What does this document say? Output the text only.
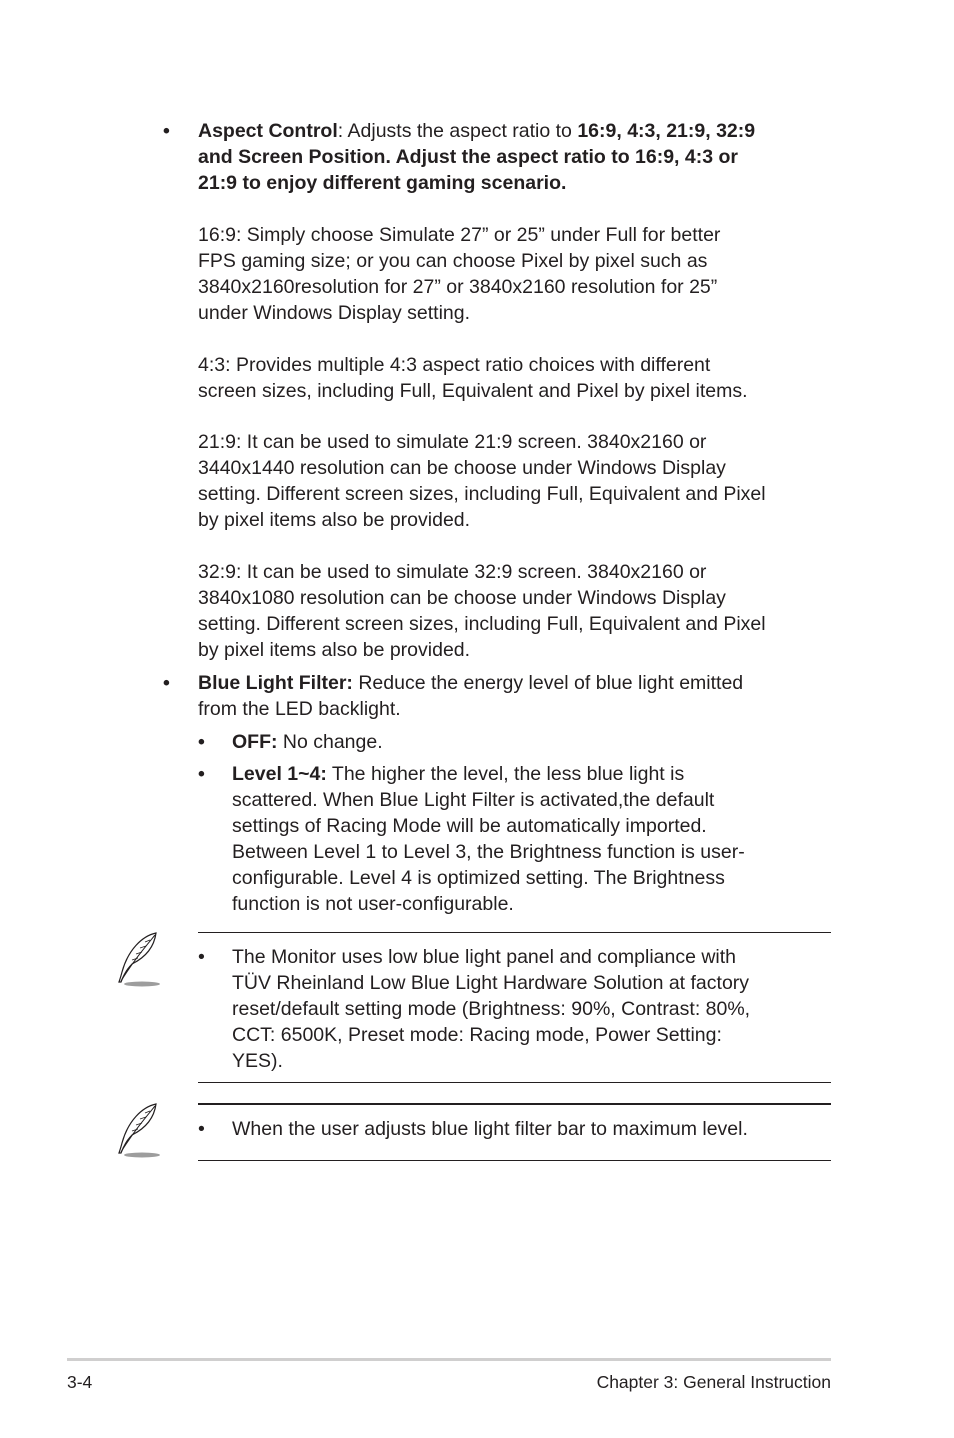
• Aspect Control: Adjusts the aspect ratio to 16:9, 4:3, 21:9, 32:9
and Screen Position. Adjust the aspect ratio to 16:9, 4:3 or
21:9 to enjoy different gaming scenario.
16:9: Simply choose Simulate 27” or 25” under Full for better
FPS gaming size; or you can choose Pixel by pixel such as
3840x2160resolution for 27” or 3840x2160 resolution for 25”
under Windows Display setting.
4:3: Provides multiple 4:3 aspect ratio choices with different
screen sizes, including Full, Equivalent and Pixel by pixel items.
21:9: It can be used to simulate 21:9 screen. 3840x2160 or
3440x1440 resolution can be choose under Windows Display
setting. Different screen sizes, including Full, Equivalent and Pixel
by pixel items also be provided.
32:9: It can be used to simulate 32:9 screen. 3840x2160 or
3840x1080 resolution can be choose under Windows Display
setting. Different screen sizes, including Full, Equivalent and Pixel
by pixel items also be provided.
• Blue Light Filter: Reduce the energy level of blue light emitted
from the LED backlight.
• OFF: No change.
• Level 1~4: The higher the level, the less blue light is
scattered. When Blue Light Filter is activated,the default
settings of Racing Mode will be automatically imported.
Between Level 1 to Level 3, the Brightness function is user-
configurable. Level 4 is optimized setting. The Brightness
function is not user-configurable.
• The Monitor uses low blue light panel and compliance with
TÜV Rheinland Low Blue Light Hardware Solution at factory
reset/default setting mode (Brightness: 90%, Contrast: 80%,
CCT: 6500K, Preset mode: Racing mode, Power Setting:
YES).
• When the user adjusts blue light filter bar to maximum level.
3-4	Chapter 3: General Instruction
